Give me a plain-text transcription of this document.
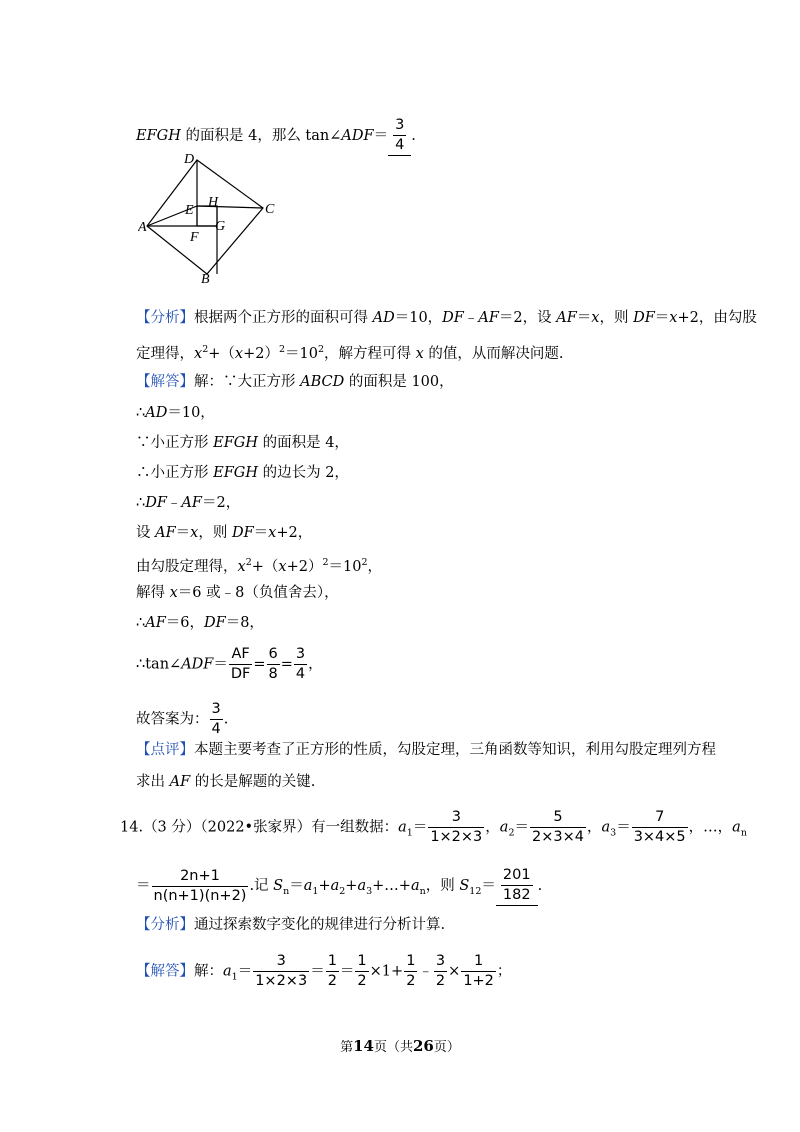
EFGH 的面积是 4，那么 tan∠ADF＝ $\frac{3}{4}$ .
D
C
A
B
E
H
F
G
【分析】根据两个正方形的面积可得 AD＝10，DF﹣AF＝2，设 AF＝x，则 DF＝x+2，由勾股
定理得，$x^2+(x+2)^2=10^2$，解方程可得 x 的值，从而解决问题.
【解答】解：∵大正方形 ABCD 的面积是 100，
∴AD＝10，
∵小正方形 EFGH 的面积是 4，
∴小正方形 EFGH 的边长为 2，
∴DF﹣AF＝2，
设 AF＝x，则 DF＝x+2，
由勾股定理得，$x^2+(x+2)^2=10^2$，
解得 x＝6 或﹣8（负值舍去），
∴AF＝6，DF＝8，
∴tan∠ADF＝ $\frac{AF}{DF} = \frac{6}{8} = \frac{3}{4}$ ，
故答案为： $\frac{3}{4}$ .
【点评】本题主要考查了正方形的性质，勾股定理，三角函数等知识，利用勾股定理列方程
求出 AF 的长是解题的关键.
14.（3 分）（2022•张家界）有一组数据：$a_1= \frac{3}{1\times 2\times 3}$ ，$a_2= \frac{5}{2\times 3\times 4}$ ，$a_3= \frac{7}{3\times 4\times 5}$ ，…，$a_n$
＝ $\frac{2n+1}{n(n+1)(n+2)}$ .记 $S_n=a_1+a_2+a_3+\dots+a_n$，则 $S_{12}= \frac{201}{182}$ .
【分析】通过探索数字变化的规律进行分析计算.
【解答】解：$a_1= \frac{3}{1\times 2\times 3} = \frac{1}{2} = \frac{1}{2} \times 1+ \frac{1}{2}$ ﹣ $\frac{3}{2} \times \frac{1}{1+2}$ ；
第14页（共26页）
